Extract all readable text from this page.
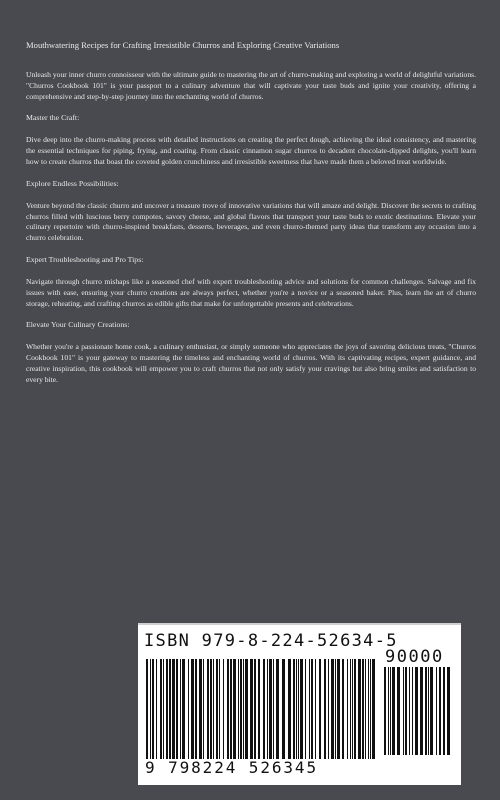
Mouthwatering Recipes for Crafting Irresistible Churros and Exploring Creative Variations

Unleash your inner churro connoisseur with the ultimate guide to mastering the art of churro-making and exploring a world of delightful variations. "Churros Cookbook 101" is your passport to a culinary adventure that will captivate your taste buds and ignite your creativity, offering a comprehensive and step-by-step journey into the enchanting world of churros.

Master the Craft:

Dive deep into the churro-making process with detailed instructions on creating the perfect dough, achieving the ideal consistency, and mastering the essential techniques for piping, frying, and coating. From classic cinnamon sugar churros to decadent chocolate-dipped delights, you'll learn how to create churros that boast the coveted golden crunchiness and irresistible sweetness that have made them a beloved treat worldwide.

Explore Endless Possibilities:

Venture beyond the classic churro and uncover a treasure trove of innovative variations that will amaze and delight. Discover the secrets to crafting churros filled with luscious berry compotes, savory cheese, and global flavors that transport your taste buds to exotic destinations. Elevate your culinary repertoire with churro-inspired breakfasts, desserts, beverages, and even churro-themed party ideas that transform any occasion into a churro celebration.

Expert Troubleshooting and Pro Tips:

Navigate through churro mishaps like a seasoned chef with expert troubleshooting advice and solutions for common challenges. Salvage and fix issues with ease, ensuring your churro creations are always perfect, whether you're a novice or a seasoned baker. Plus, learn the art of churro storage, reheating, and crafting churros as edible gifts that make for unforgettable presents and celebrations.

Elevate Your Culinary Creations:

Whether you're a passionate home cook, a culinary enthusiast, or simply someone who appreciates the joys of savoring delicious treats, "Churros Cookbook 101" is your gateway to mastering the timeless and enchanting world of churros. With its captivating recipes, expert guidance, and creative inspiration, this cookbook will empower you to craft churros that not only satisfy your cravings but also bring smiles and satisfaction to every bite.

ISBN 979-8-224-52634-5
90000
9 798224 526345
